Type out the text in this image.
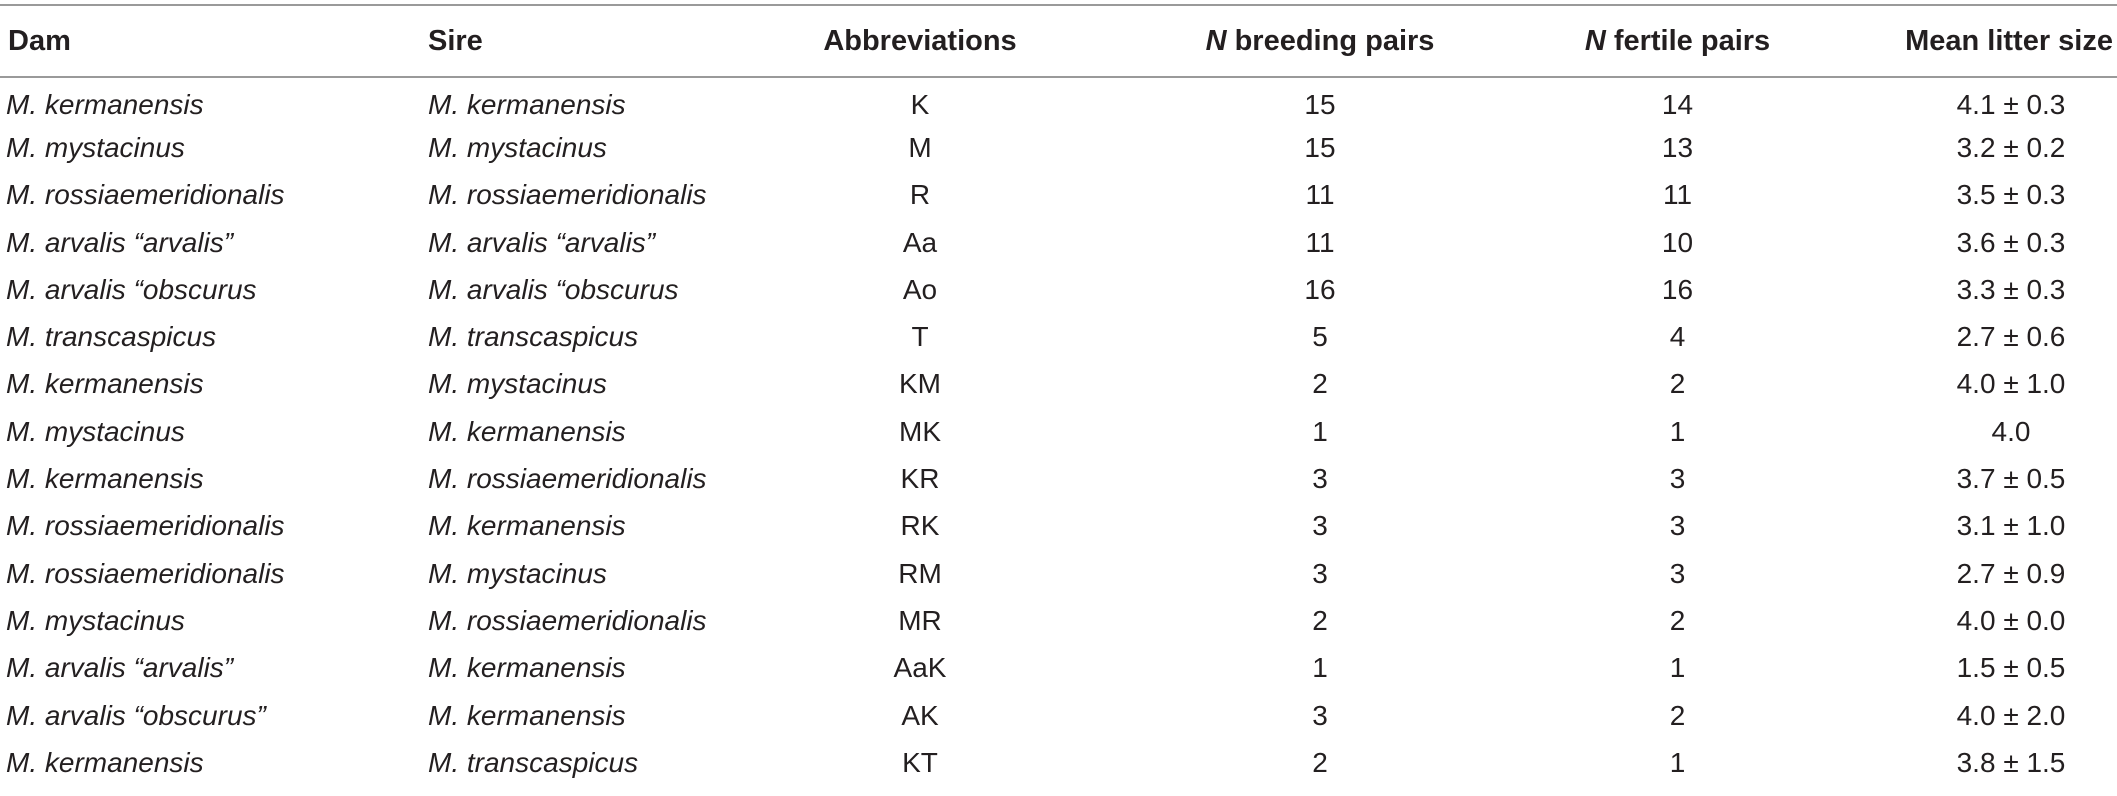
Dam	Sire	Abbreviations	N breeding pairs	N fertile pairs	Mean litter size
M. kermanensis	M. kermanensis	K	15	14	4.1 ± 0.3
M. mystacinus	M. mystacinus	M	15	13	3.2 ± 0.2
M. rossiaemeridionalis	M. rossiaemeridionalis	R	11	11	3.5 ± 0.3
M. arvalis “arvalis”	M. arvalis “arvalis”	Aa	11	10	3.6 ± 0.3
M. arvalis “obscurus	M. arvalis “obscurus	Ao	16	16	3.3 ± 0.3
M. transcaspicus	M. transcaspicus	T	5	4	2.7 ± 0.6
M. kermanensis	M. mystacinus	KM	2	2	4.0 ± 1.0
M. mystacinus	M. kermanensis	MK	1	1	4.0
M. kermanensis	M. rossiaemeridionalis	KR	3	3	3.7 ± 0.5
M. rossiaemeridionalis	M. kermanensis	RK	3	3	3.1 ± 1.0
M. rossiaemeridionalis	M. mystacinus	RM	3	3	2.7 ± 0.9
M. mystacinus	M. rossiaemeridionalis	MR	2	2	4.0 ± 0.0
M. arvalis “arvalis”	M. kermanensis	AaK	1	1	1.5 ± 0.5
M. arvalis “obscurus”	M. kermanensis	AK	3	2	4.0 ± 2.0
M. kermanensis	M. transcaspicus	KT	2	1	3.8 ± 1.5
